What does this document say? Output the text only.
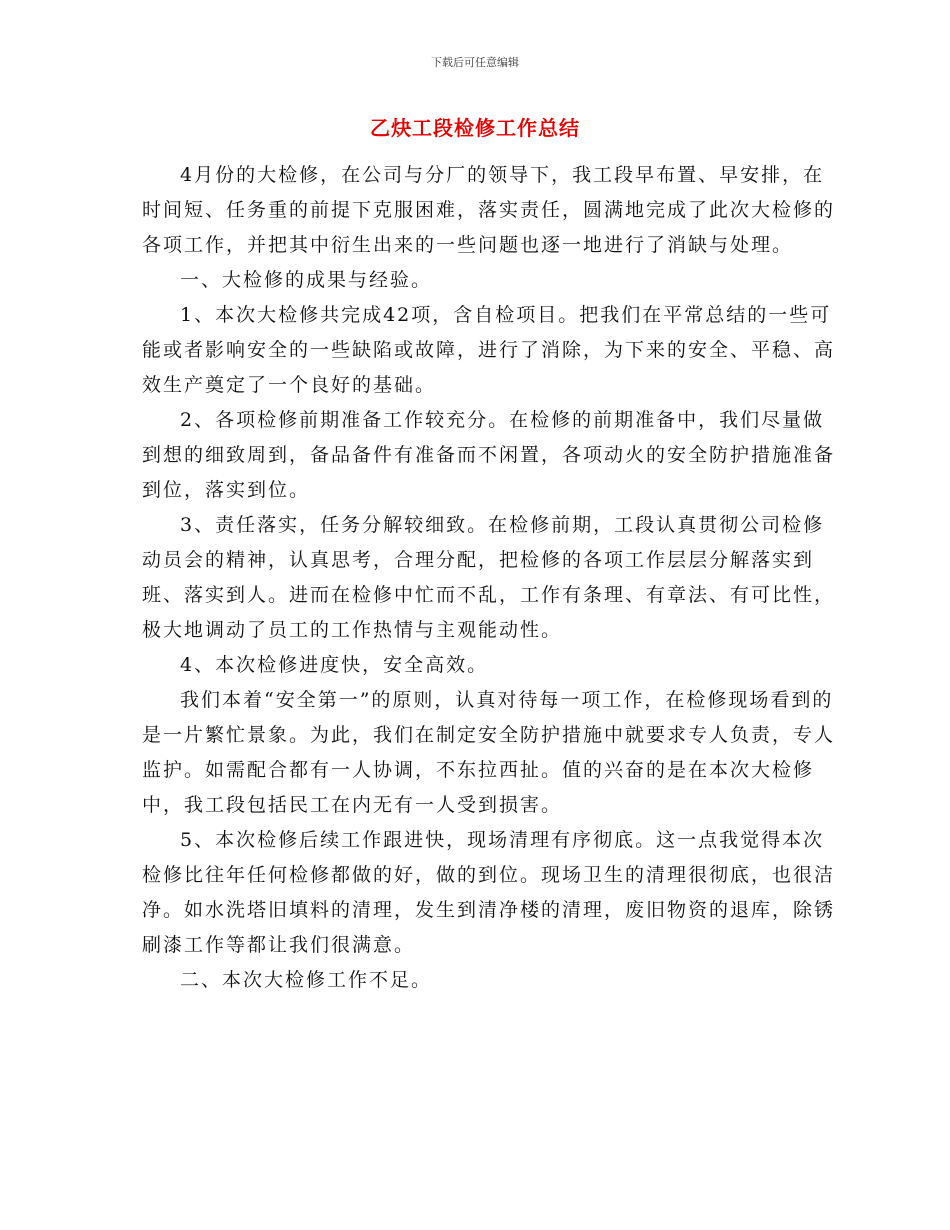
下载后可任意编辑
乙炔工段检修工作总结

4月份的大检修，在公司与分厂的领导下，我工段早布置、早安排，在时间短、任务重的前提下克服困难，落实责任，圆满地完成了此次大检修的各项工作，并把其中衍生出来的一些问题也逐一地进行了消缺与处理。

一、大检修的成果与经验。

1、本次大检修共完成42项，含自检项目。把我们在平常总结的一些可能或者影响安全的一些缺陷或故障，进行了消除，为下来的安全、平稳、高效生产奠定了一个良好的基础。

2、各项检修前期准备工作较充分。在检修的前期准备中，我们尽量做到想的细致周到，备品备件有准备而不闲置，各项动火的安全防护措施准备到位，落实到位。

3、责任落实，任务分解较细致。在检修前期，工段认真贯彻公司检修动员会的精神，认真思考，合理分配，把检修的各项工作层层分解落实到班、落实到人。进而在检修中忙而不乱，工作有条理、有章法、有可比性，极大地调动了员工的工作热情与主观能动性。

4、本次检修进度快，安全高效。

我们本着“安全第一”的原则，认真对待每一项工作，在检修现场看到的是一片繁忙景象。为此，我们在制定安全防护措施中就要求专人负责，专人监护。如需配合都有一人协调，不东拉西扯。值的兴奋的是在本次大检修中，我工段包括民工在内无有一人受到损害。

5、本次检修后续工作跟进快，现场清理有序彻底。这一点我觉得本次检修比往年任何检修都做的好，做的到位。现场卫生的清理很彻底，也很洁净。如水洗塔旧填料的清理，发生到清净楼的清理，废旧物资的退库，除锈刷漆工作等都让我们很满意。

二、本次大检修工作不足。
